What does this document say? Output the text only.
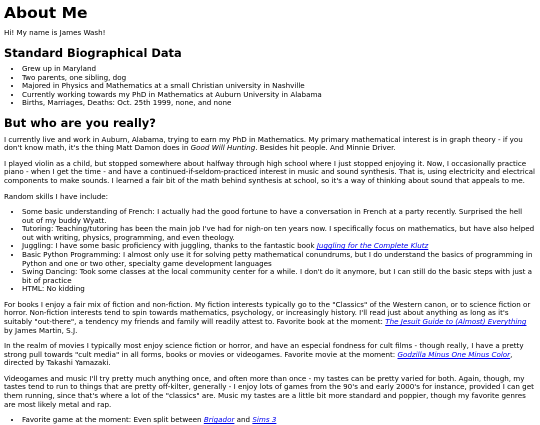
About Me

Hi! My name is James Wash!

Standard Biographical Data
• Grew up in Maryland
• Two parents, one sibling, dog
• Majored in Physics and Mathematics at a small Christian university in Nashville
• Currently working towards my PhD in Mathematics at Auburn University in Alabama
• Births, Marriages, Deaths: Oct. 25th 1999, none, and none
But who are you really?

I currently live and work in Auburn, Alabama, trying to earn my PhD in Mathematics. My primary mathematical interest is in graph theory - if you don't know math, it's the thing Matt Damon does in Good Will Hunting. Besides hit people. And Minnie Driver.

I played violin as a child, but stopped somewhere about halfway through high school where I just stopped enjoying it. Now, I occasionally practice piano - when I get the time - and have a continued-if-seldom-practiced interest in music and sound synthesis. That is, using electricity and electrical components to make sounds. I learned a fair bit of the math behind synthesis at school, so it's a way of thinking about sound that appeals to me.

Random skills I have include:

• Some basic understanding of French: I actually had the good fortune to have a conversation in French at a party recently. Surprised the hell out of my buddy Wyatt.
• Tutoring: Teaching/tutoring has been the main job I've had for nigh-on ten years now. I specifically focus on mathematics, but have also helped out with writing, physics, programming, and even theology.
• Juggling: I have some basic proficiency with juggling, thanks to the fantastic book Juggling for the Complete Klutz
• Basic Python Programming: I almost only use it for solving petty mathematical conundrums, but I do understand the basics of programming in Python and one or two other, specialty game development languages
• Swing Dancing: Took some classes at the local community center for a while. I don't do it anymore, but I can still do the basic steps with just a bit of practice
• HTML: No kidding

For books I enjoy a fair mix of fiction and non-fiction. My fiction interests typically go to the "Classics" of the Western canon, or to science fiction or horror. Non-fiction interests tend to spin towards mathematics, psychology, or increasingly history. I'll read just about anything as long as it's suitably "out-there", a tendency my friends and family will readily attest to. Favorite book at the moment: The Jesuit Guide to (Almost) Everything by James Martin, S.J.

In the realm of movies I typically most enjoy science fiction or horror, and have an especial fondness for cult films - though really, I have a pretty strong pull towards "cult media" in all forms, books or movies or videogames. Favorite movie at the moment: Godzilla Minus One Minus Color, directed by Takashi Yamazaki.

Videogames and music I'll try pretty much anything once, and often more than once - my tastes can be pretty varied for both. Again, though, my tastes tend to run to things that are pretty off-kilter, generally - I enjoy lots of games from the 90's and early 2000's for instance, provided I can get them running, since that's where a lot of the "classics" are. Music my tastes are a little bit more standard and poppier, though my favorite genres are most likely metal and rap.

• Favorite game at the moment: Even split between Brigador and Sims 3
